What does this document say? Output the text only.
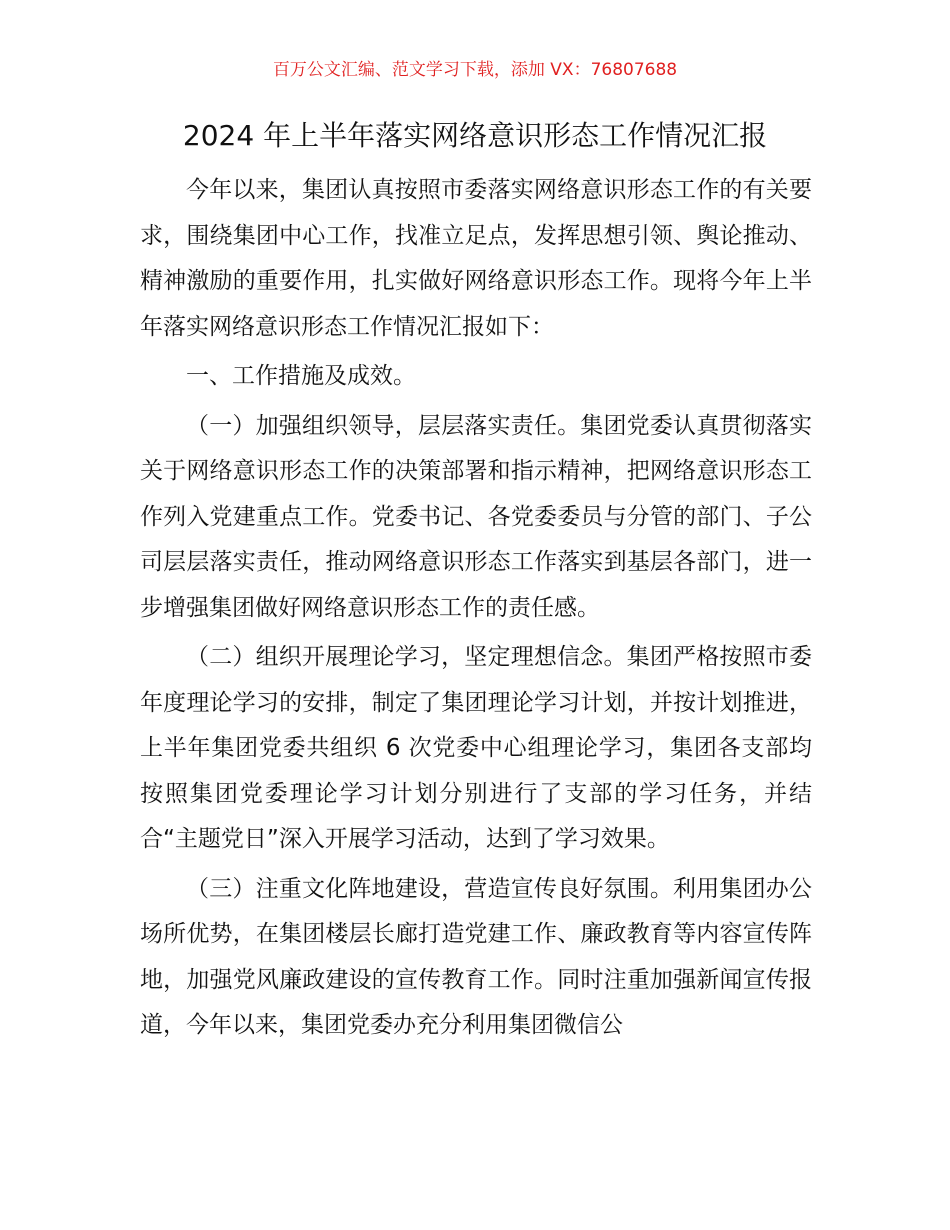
百万公文汇编、范文学习下载，添加 VX：76807688
2024 年上半年落实网络意识形态工作情况汇报

今年以来，集团认真按照市委落实网络意识形态工作的有关要求，围绕集团中心工作，找准立足点，发挥思想引领、舆论推动、精神激励的重要作用，扎实做好网络意识形态工作。现将今年上半年落实网络意识形态工作情况汇报如下：

一、工作措施及成效。

（一）加强组织领导，层层落实责任。集团党委认真贯彻落实关于网络意识形态工作的决策部署和指示精神，把网络意识形态工作列入党建重点工作。党委书记、各党委委员与分管的部门、子公司层层落实责任，推动网络意识形态工作落实到基层各部门，进一步增强集团做好网络意识形态工作的责任感。

（二）组织开展理论学习，坚定理想信念。集团严格按照市委年度理论学习的安排，制定了集团理论学习计划，并按计划推进，上半年集团党委共组织 6 次党委中心组理论学习，集团各支部均按照集团党委理论学习计划分别进行了支部的学习任务，并结合“主题党日”深入开展学习活动，达到了学习效果。

（三）注重文化阵地建设，营造宣传良好氛围。利用集团办公场所优势，在集团楼层长廊打造党建工作、廉政教育等内容宣传阵地，加强党风廉政建设的宣传教育工作。同时注重加强新闻宣传报道，今年以来，集团党委办充分利用集团微信公
